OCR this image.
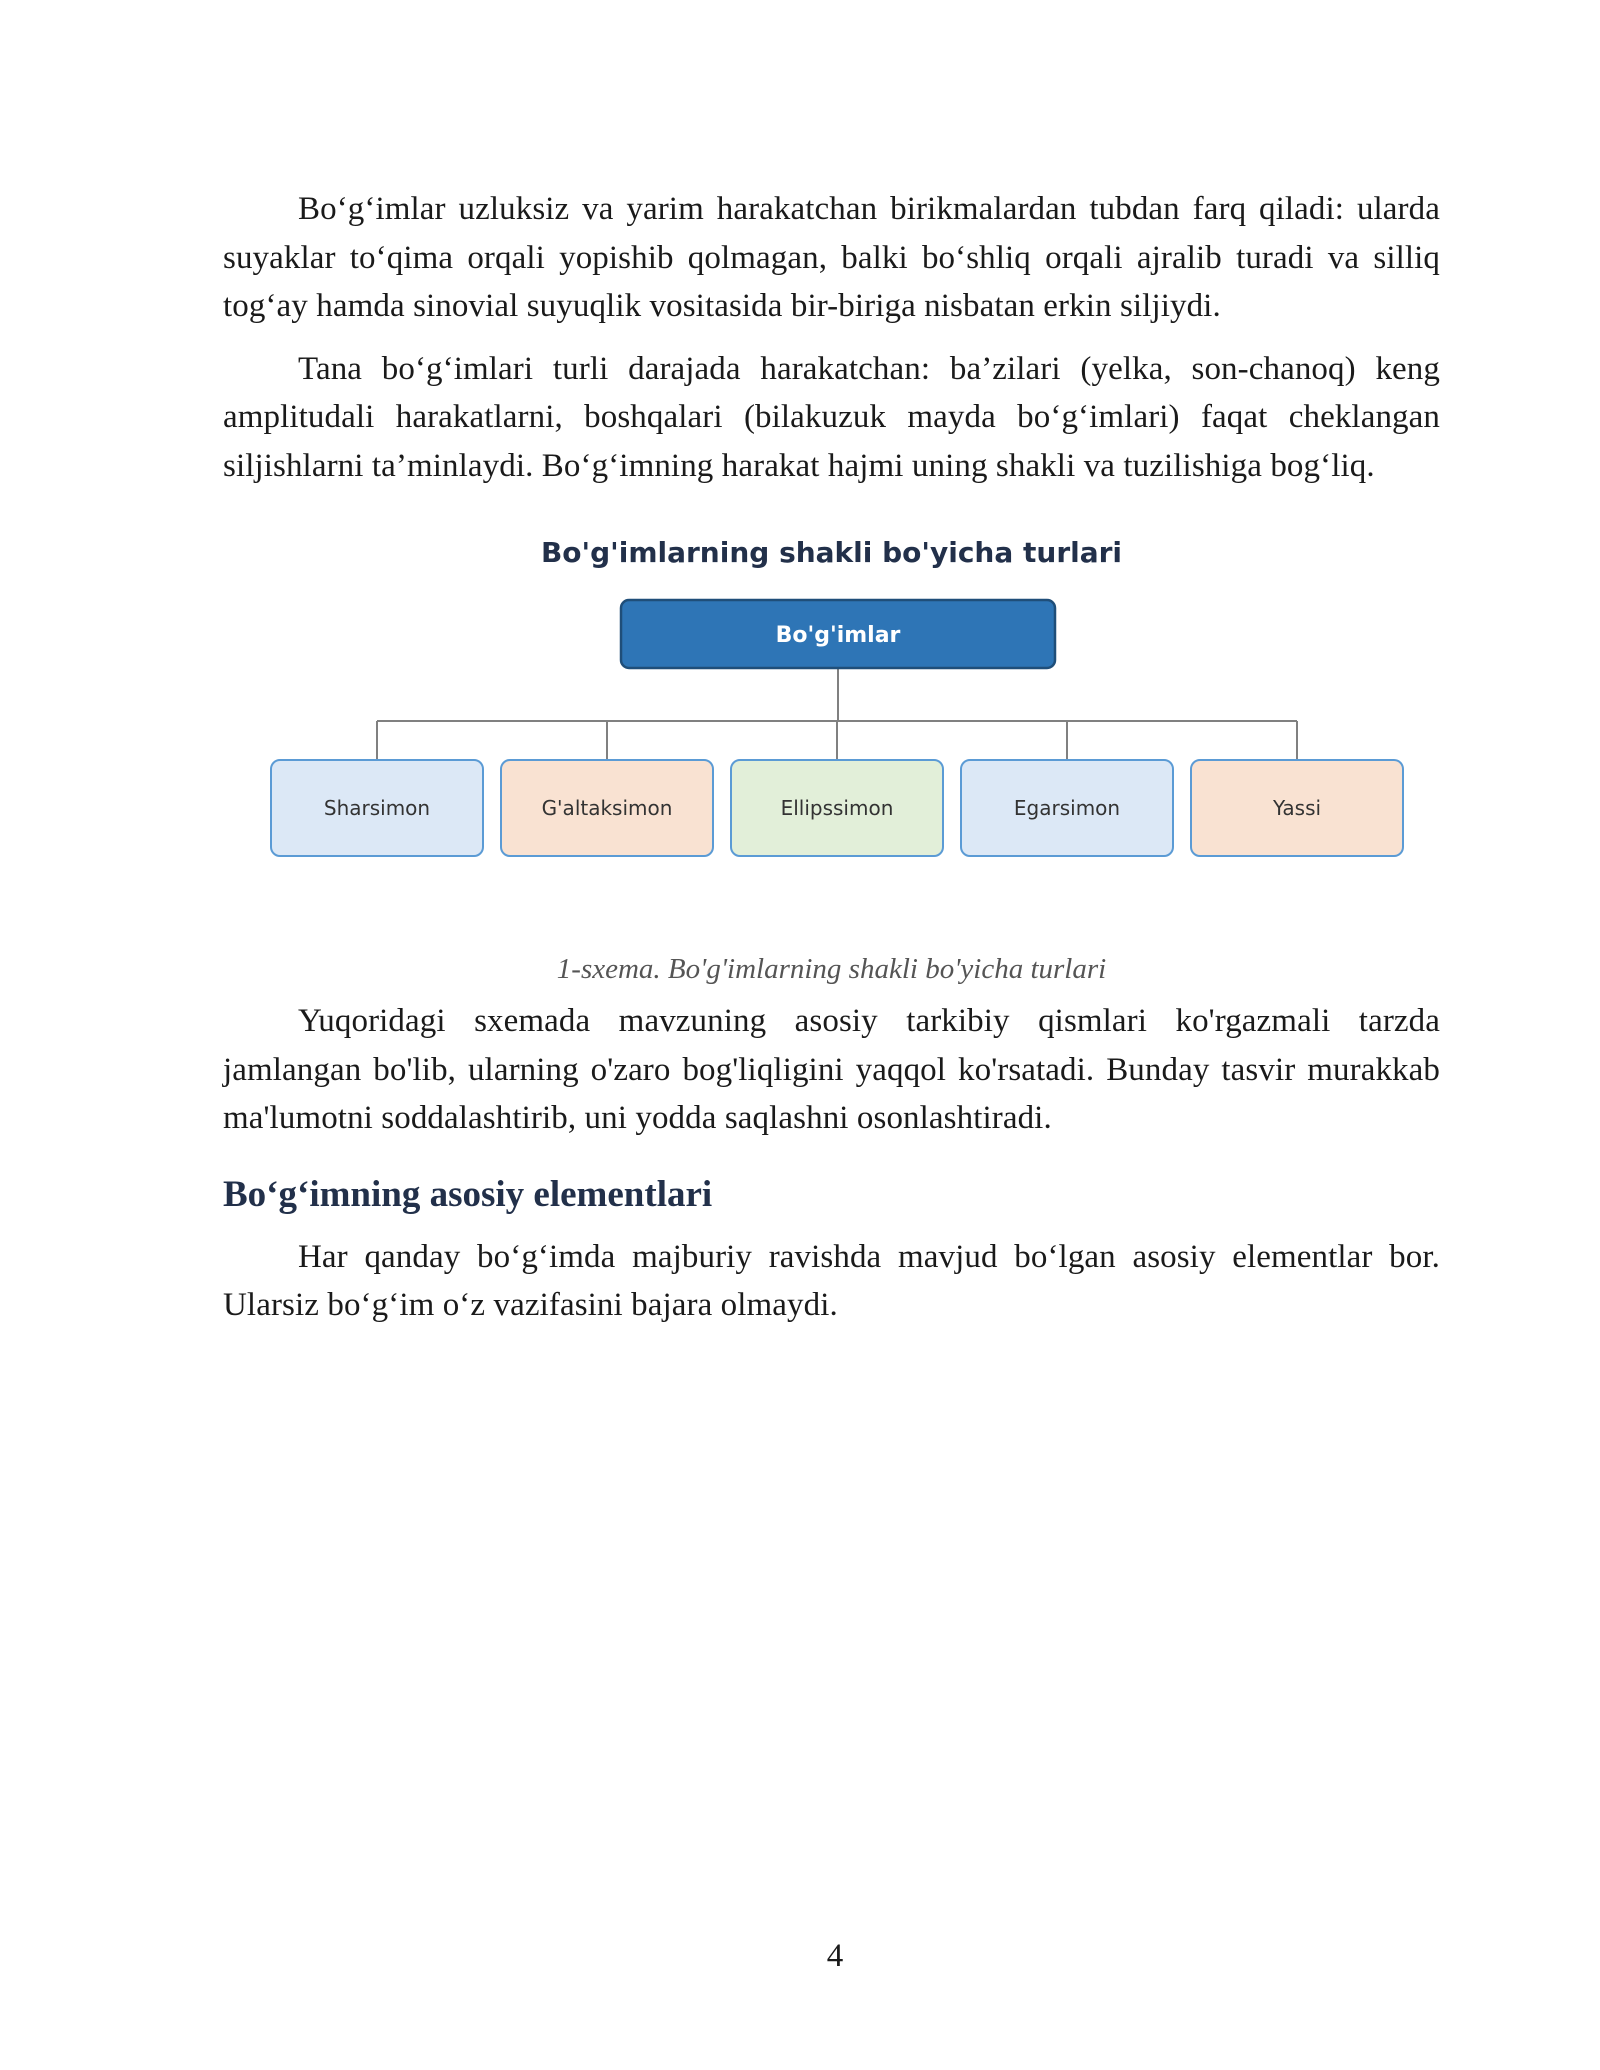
Bo‘g‘imlar uzluksiz va yarim harakatchan birikmalardan tubdan farq qiladi: ularda suyaklar to‘qima orqali yopishib qolmagan, balki bo‘shliq orqali ajralib turadi va silliq tog‘ay hamda sinovial suyuqlik vositasida bir-biriga nisbatan erkin siljiydi.

Tana bo‘g‘imlari turli darajada harakatchan: ba’zilari (yelka, son-chanoq) keng amplitudali harakatlarni, boshqalari (bilakuzuk mayda bo‘g‘imlari) faqat cheklangan siljishlarni ta’minlaydi. Bo‘g‘imning harakat hajmi uning shakli va tuzilishiga bog‘liq.

Bo'g'imlarning shakli bo'yicha turlari
Bo'g'imlar
Sharsimon	G'altaksimon	Ellipssimon	Egarsimon	Yassi

1-sxema. Bo'g'imlarning shakli bo'yicha turlari

Yuqoridagi sxemada mavzuning asosiy tarkibiy qismlari ko'rgazmali tarzda jamlangan bo'lib, ularning o'zaro bog'liqligini yaqqol ko'rsatadi. Bunday tasvir murakkab ma'lumotni soddalashtirib, uni yodda saqlashni osonlashtiradi.

Bo‘g‘imning asosiy elementlari

Har qanday bo‘g‘imda majburiy ravishda mavjud bo‘lgan asosiy elementlar bor. Ularsiz bo‘g‘im o‘z vazifasini bajara olmaydi.

4
